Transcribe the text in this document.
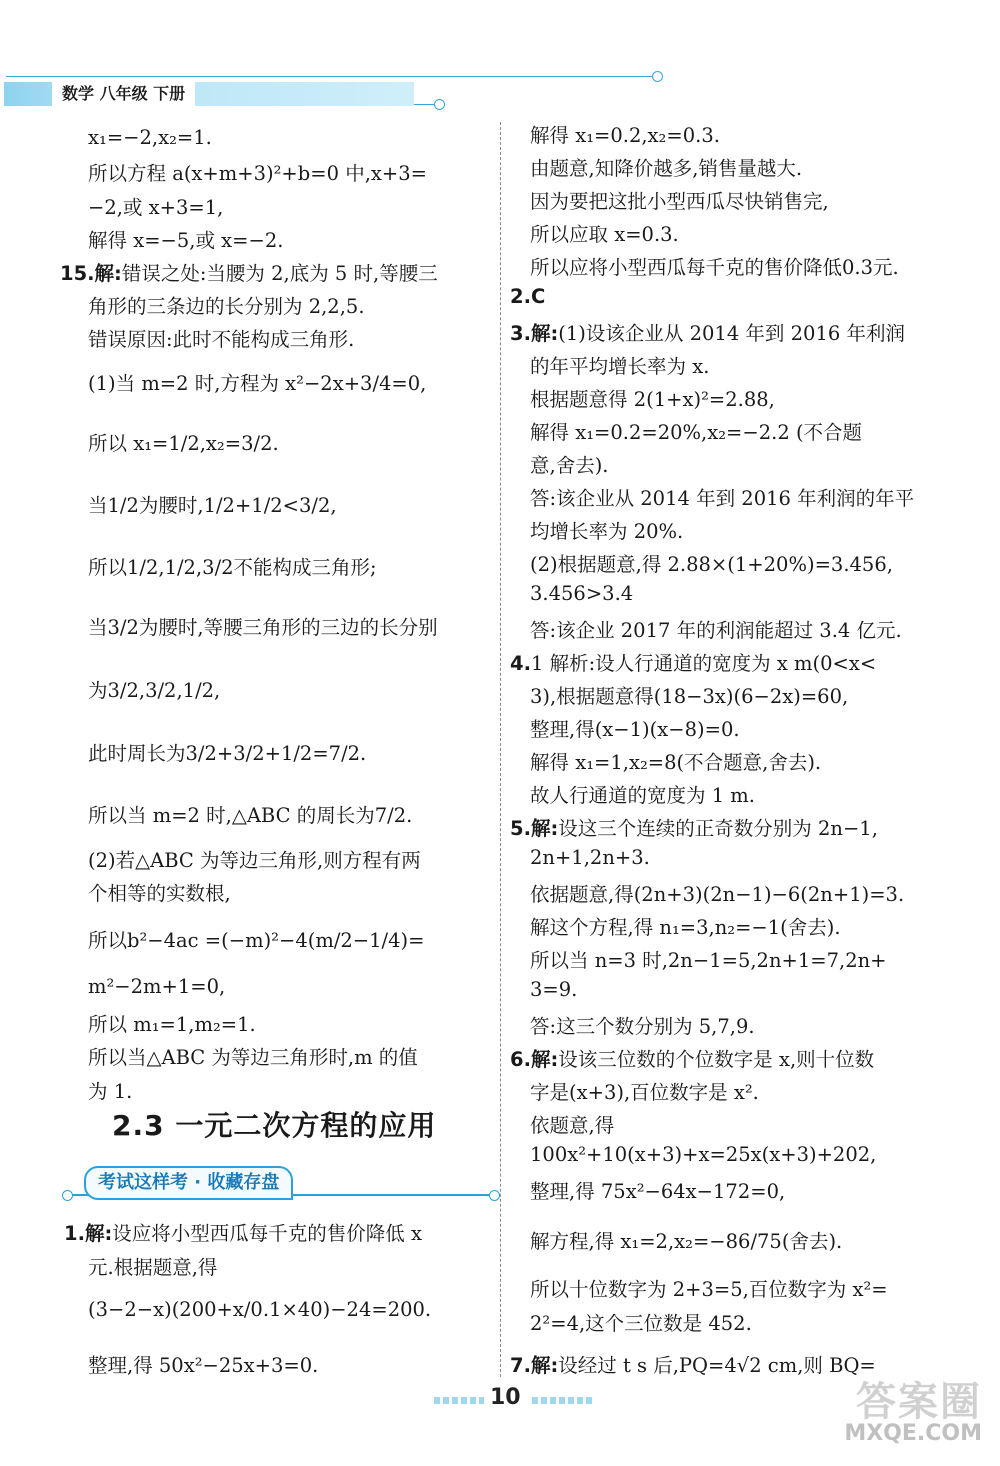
数学 八年级 下册

x₁=−2,x₂=1.

所以方程 a(x+m+3)²+b=0 中,x+3=

−2,或 x+3=1,

解得 x=−5,或 x=−2.

15.解:错误之处:当腰为 2,底为 5 时,等腰三

角形的三条边的长分别为 2,2,5.

错误原因:此时不能构成三角形.

(1)当 m=2 时,方程为 x²−2x+3/4=0,

所以 x₁=1/2,x₂=3/2.

当1/2为腰时,1/2+1/2<3/2,

所以1/2,1/2,3/2不能构成三角形;

当3/2为腰时,等腰三角形的三边的长分别

为3/2,3/2,1/2,

此时周长为3/2+3/2+1/2=7/2.

所以当 m=2 时,△ABC 的周长为7/2.

(2)若△ABC 为等边三角形,则方程有两

个相等的实数根,

所以b²−4ac =(−m)²−4(m/2−1/4)=

m²−2m+1=0,

所以 m₁=1,m₂=1.

所以当△ABC 为等边三角形时,m 的值

为 1.

2.3 一元二次方程的应用
考试这样考 · 收藏存盘

1.解:设应将小型西瓜每千克的售价降低 x

元.根据题意,得

(3−2−x)(200+x/0.1×40)−24=200.

整理,得 50x²−25x+3=0.

解得 x₁=0.2,x₂=0.3.

由题意,知降价越多,销售量越大.

因为要把这批小型西瓜尽快销售完,

所以应取 x=0.3.

所以应将小型西瓜每千克的售价降低0.3元.

2.C

3.解:(1)设该企业从 2014 年到 2016 年利润

的年平均增长率为 x.

根据题意得 2(1+x)²=2.88,

解得 x₁=0.2=20%,x₂=−2.2 (不合题

意,舍去).

答:该企业从 2014 年到 2016 年利润的年平

均增长率为 20%.

(2)根据题意,得 2.88×(1+20%)=3.456,

3.456>3.4

答:该企业 2017 年的利润能超过 3.4 亿元.

4.1 解析:设人行通道的宽度为 x m(0<x<

3),根据题意得(18−3x)(6−2x)=60,

整理,得(x−1)(x−8)=0.

解得 x₁=1,x₂=8(不合题意,舍去).

故人行通道的宽度为 1 m.

5.解:设这三个连续的正奇数分别为 2n−1,

2n+1,2n+3.

依据题意,得(2n+3)(2n−1)−6(2n+1)=3.

解这个方程,得 n₁=3,n₂=−1(舍去).

所以当 n=3 时,2n−1=5,2n+1=7,2n+

3=9.

答:这三个数分别为 5,7,9.

6.解:设该三位数的个位数字是 x,则十位数

字是(x+3),百位数字是 x².

依题意,得

100x²+10(x+3)+x=25x(x+3)+202,

整理,得 75x²−64x−172=0,

解方程,得 x₁=2,x₂=−86/75(舍去).

所以十位数字为 2+3=5,百位数字为 x²=

2²=4,这个三位数是 452.

7.解:设经过 t s 后,PQ=4√2 cm,则 BQ=

10	答案圈
MXQE.COM
